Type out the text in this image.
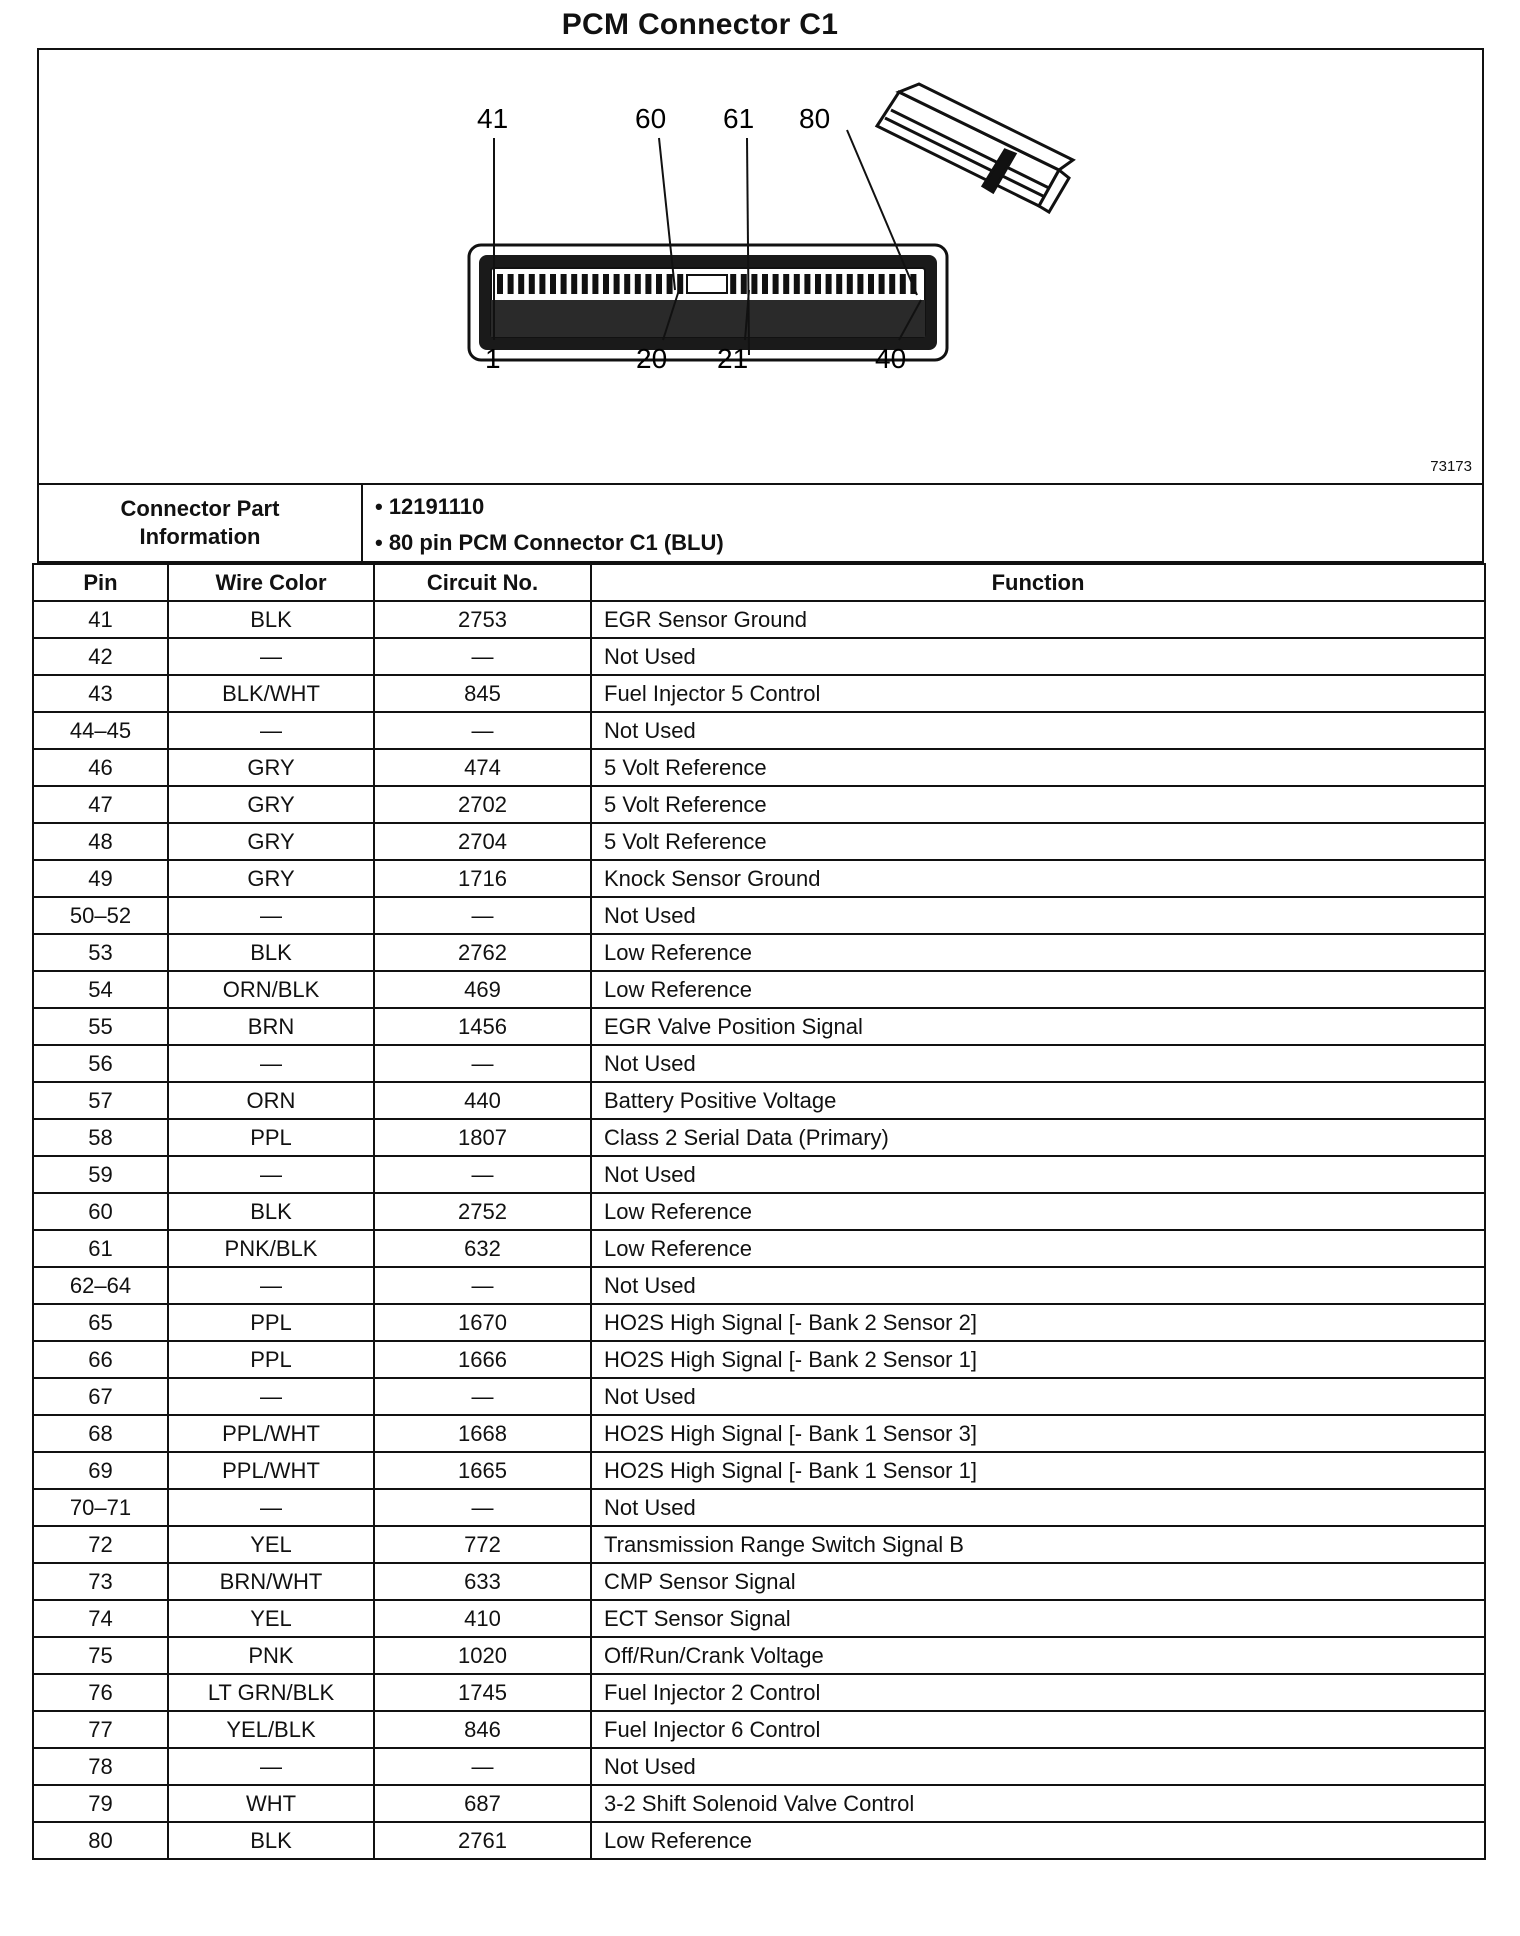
PCM Connector C1
41	60 61 80
1	20 21	40
73173
Connector Part
Information
• 12191110
• 80 pin PCM Connector C1 (BLU)
Pin	Wire Color	Circuit No.	Function
41	BLK	2753	EGR Sensor Ground
42	—	—	Not Used
43	BLK/WHT	845	Fuel Injector 5 Control
44–45	—	—	Not Used
46	GRY	474	5 Volt Reference
47	GRY	2702	5 Volt Reference
48	GRY	2704	5 Volt Reference
49	GRY	1716	Knock Sensor Ground
50–52	—	—	Not Used
53	BLK	2762	Low Reference
54	ORN/BLK	469	Low Reference
55	BRN	1456	EGR Valve Position Signal
56	—	—	Not Used
57	ORN	440	Battery Positive Voltage
58	PPL	1807	Class 2 Serial Data (Primary)
59	—	—	Not Used
60	BLK	2752	Low Reference
61	PNK/BLK	632	Low Reference
62–64	—	—	Not Used
65	PPL	1670	HO2S High Signal [- Bank 2 Sensor 2]
66	PPL	1666	HO2S High Signal [- Bank 2 Sensor 1]
67	—	—	Not Used
68	PPL/WHT	1668	HO2S High Signal [- Bank 1 Sensor 3]
69	PPL/WHT	1665	HO2S High Signal [- Bank 1 Sensor 1]
70–71	—	—	Not Used
72	YEL	772	Transmission Range Switch Signal B
73	BRN/WHT	633	CMP Sensor Signal
74	YEL	410	ECT Sensor Signal
75	PNK	1020	Off/Run/Crank Voltage
76	LT GRN/BLK	1745	Fuel Injector 2 Control
77	YEL/BLK	846	Fuel Injector 6 Control
78	—	—	Not Used
79	WHT	687	3-2 Shift Solenoid Valve Control
80	BLK	2761	Low Reference
